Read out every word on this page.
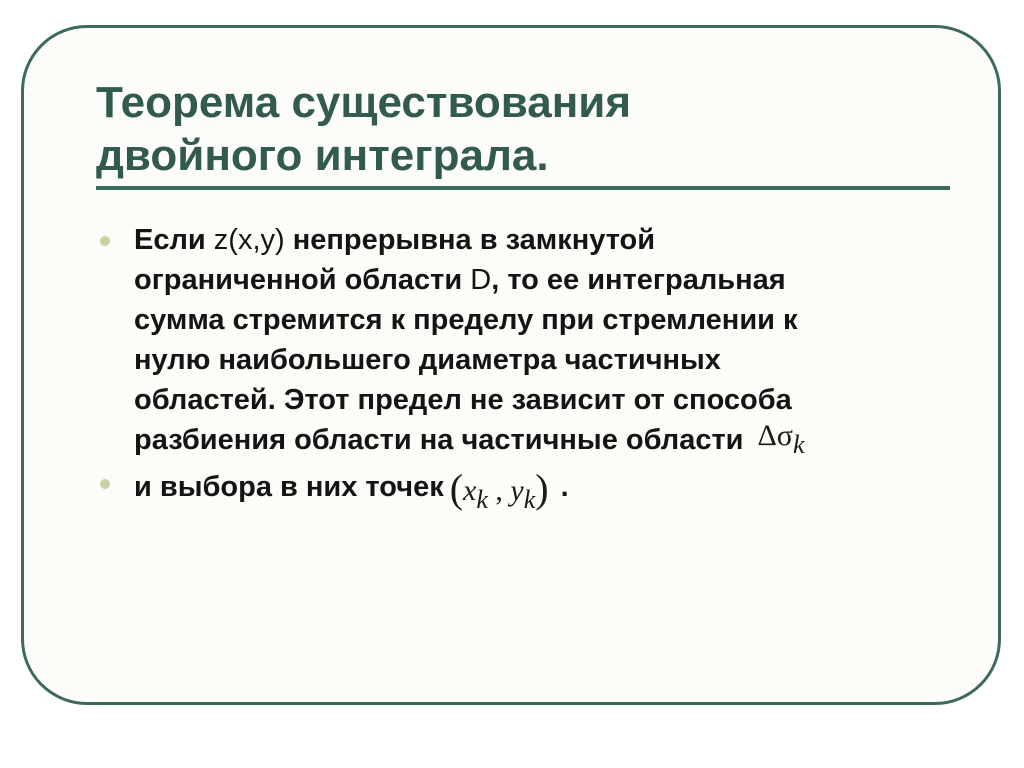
Теорема существования
двойного интеграла.
Если z(x,y) непрерывна в замкнутой
ограниченной области D, то ее интегральная
сумма стремится к пределу при стремлении к
нулю наибольшего диаметра частичных
областей. Этот предел не зависит от способа
разбиения области на частичные области $\Delta\sigma_k$
и выбора в них точек ($x_k$ , $y_k$) .
